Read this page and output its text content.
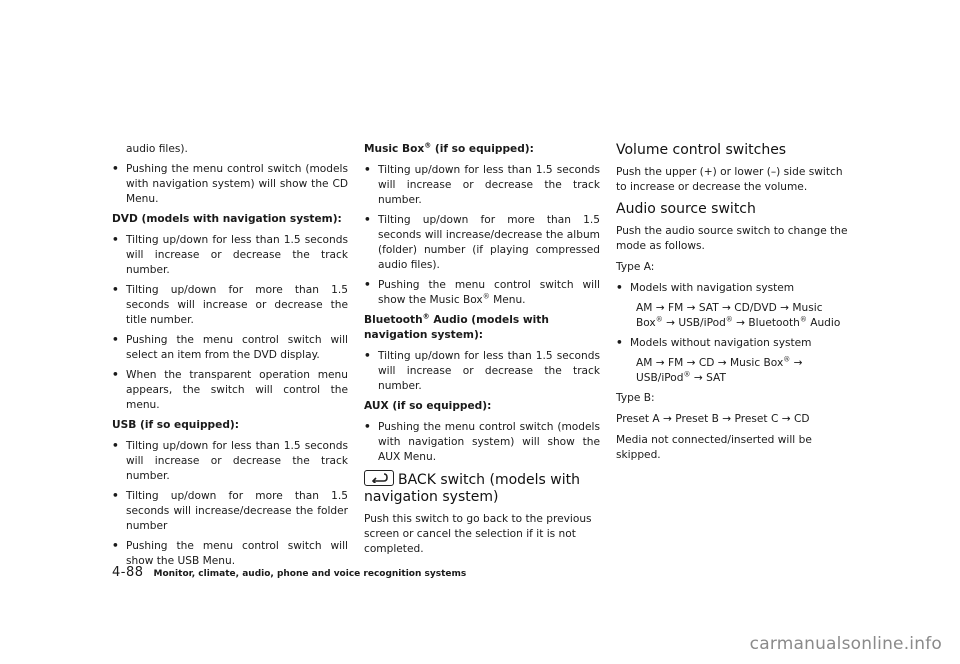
audio files).
• Pushing the menu control switch (models with navigation system) will show the CD Menu.
DVD (models with navigation system):
• Tilting up/down for less than 1.5 seconds will increase or decrease the track number.
• Tilting up/down for more than 1.5 seconds will increase or decrease the title number.
• Pushing the menu control switch will select an item from the DVD display.
• When the transparent operation menu appears, the switch will control the menu.
USB (if so equipped):
• Tilting up/down for less than 1.5 seconds will increase or decrease the track number.
• Tilting up/down for more than 1.5 seconds will increase/decrease the folder number
• Pushing the menu control switch will show the USB Menu.
Music Box® (if so equipped):
• Tilting up/down for less than 1.5 seconds will increase or decrease the track number.
• Tilting up/down for more than 1.5 seconds will increase/decrease the album (folder) number (if playing compressed audio files).
• Pushing the menu control switch will show the Music Box® Menu.
Bluetooth® Audio (models with navigation system):
• Tilting up/down for less than 1.5 seconds will increase or decrease the track number.
AUX (if so equipped):
• Pushing the menu control switch (models with navigation system) will show the AUX Menu.
BACK switch (models with navigation system)
Push this switch to go back to the previous screen or cancel the selection if it is not completed.
Volume control switches
Push the upper (+) or lower (–) side switch to increase or decrease the volume.
Audio source switch
Push the audio source switch to change the mode as follows.
Type A:
• Models with navigation system
AM → FM → SAT → CD/DVD → Music Box® → USB/iPod® → Bluetooth® Audio
• Models without navigation system
AM → FM → CD → Music Box® → USB/iPod® → SAT
Type B:
Preset A → Preset B → Preset C → CD
Media not connected/inserted will be skipped.
4-88 Monitor, climate, audio, phone and voice recognition systems
carmanualsonline.info
